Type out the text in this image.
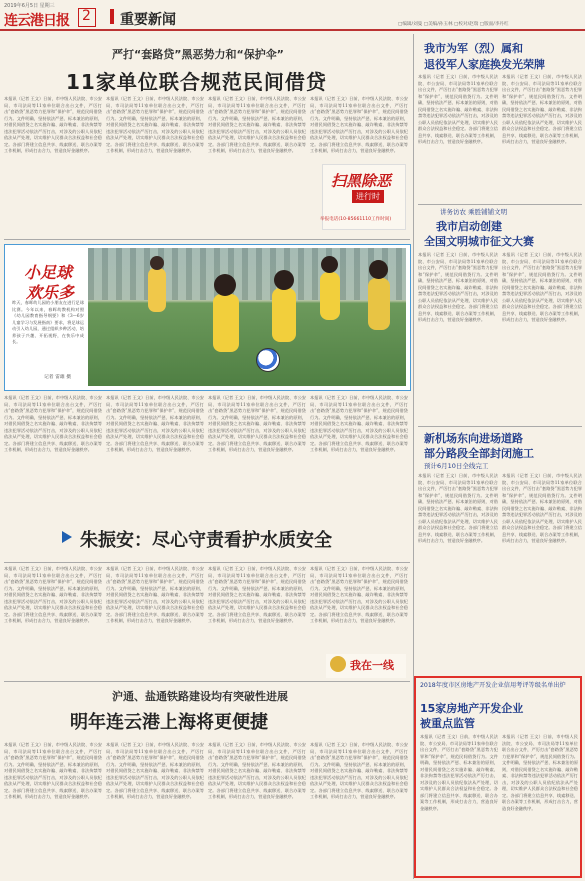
2019年6月5日 星期三
连云港日报 2 重要新闻	□编辑/刘曼 □美编/孙玉林 □校对/赵瑞 □版面/李丹红
严打“套路贷”黑恶势力和“保护伞”
11家单位联合规范民间借贷
本报讯（记者 王文）日前，市中级人民法院、市公安局、市司法局等11家单位联合出台文件，严厉打击“套路贷”黑恶势力犯罪和“保护伞”，规范民间借贷行为。文件明确，坚持依法严惩、标本兼治的原则，对借民间借贷之名实施诈骗、敲诈勒索、非法拘禁等违法犯罪活动依法严厉打击，对涉及的公职人员依纪依法从严处理，切实维护人民群众合法权益和社会稳定。各部门将建立信息共享、线索移送、联合办案等工作机制，形成打击合力，营造良好金融秩序。
本报讯（记者 王文）日前，市中级人民法院、市公安局、市司法局等11家单位联合出台文件，严厉打击“套路贷”黑恶势力犯罪和“保护伞”，规范民间借贷行为。文件明确，坚持依法严惩、标本兼治的原则，对借民间借贷之名实施诈骗、敲诈勒索、非法拘禁等违法犯罪活动依法严厉打击，对涉及的公职人员依纪依法从严处理，切实维护人民群众合法权益和社会稳定。各部门将建立信息共享、线索移送、联合办案等工作机制，形成打击合力，营造良好金融秩序。
本报讯（记者 王文）日前，市中级人民法院、市公安局、市司法局等11家单位联合出台文件，严厉打击“套路贷”黑恶势力犯罪和“保护伞”，规范民间借贷行为。文件明确，坚持依法严惩、标本兼治的原则，对借民间借贷之名实施诈骗、敲诈勒索、非法拘禁等违法犯罪活动依法严厉打击，对涉及的公职人员依纪依法从严处理，切实维护人民群众合法权益和社会稳定。各部门将建立信息共享、线索移送、联合办案等工作机制，形成打击合力，营造良好金融秩序。
本报讯（记者 王文）日前，市中级人民法院、市公安局、市司法局等11家单位联合出台文件，严厉打击“套路贷”黑恶势力犯罪和“保护伞”，规范民间借贷行为。文件明确，坚持依法严惩、标本兼治的原则，对借民间借贷之名实施诈骗、敲诈勒索、非法拘禁等违法犯罪活动依法严厉打击，对涉及的公职人员依纪依法从严处理，切实维护人民群众合法权益和社会稳定。各部门将建立信息共享、线索移送、联合办案等工作机制，形成打击合力，营造良好金融秩序。
扫黑除恶
进行时
举报电话(10-85661110工作时间)
小足球
欢乐多
昨天，春晖幼儿园的小朋友在进行足球比赛。今年以来，春晖幼教机构对照《幼儿园教育指导纲要》和《3—6岁儿童学习与发展指南》要求，将足球运动引入幼儿园，通过组织多种活动，培养孩子兴趣、开拓视野，在快乐中成长。
记者 雷雄 摄
本报讯（记者 王文）日前，市中级人民法院、市公安局、市司法局等11家单位联合出台文件，严厉打击“套路贷”黑恶势力犯罪和“保护伞”，规范民间借贷行为。文件明确，坚持依法严惩、标本兼治的原则，对借民间借贷之名实施诈骗、敲诈勒索、非法拘禁等违法犯罪活动依法严厉打击，对涉及的公职人员依纪依法从严处理，切实维护人民群众合法权益和社会稳定。各部门将建立信息共享、线索移送、联合办案等工作机制，形成打击合力，营造良好金融秩序。
本报讯（记者 王文）日前，市中级人民法院、市公安局、市司法局等11家单位联合出台文件，严厉打击“套路贷”黑恶势力犯罪和“保护伞”，规范民间借贷行为。文件明确，坚持依法严惩、标本兼治的原则，对借民间借贷之名实施诈骗、敲诈勒索、非法拘禁等违法犯罪活动依法严厉打击，对涉及的公职人员依纪依法从严处理，切实维护人民群众合法权益和社会稳定。各部门将建立信息共享、线索移送、联合办案等工作机制，形成打击合力，营造良好金融秩序。
本报讯（记者 王文）日前，市中级人民法院、市公安局、市司法局等11家单位联合出台文件，严厉打击“套路贷”黑恶势力犯罪和“保护伞”，规范民间借贷行为。文件明确，坚持依法严惩、标本兼治的原则，对借民间借贷之名实施诈骗、敲诈勒索、非法拘禁等违法犯罪活动依法严厉打击，对涉及的公职人员依纪依法从严处理，切实维护人民群众合法权益和社会稳定。各部门将建立信息共享、线索移送、联合办案等工作机制，形成打击合力，营造良好金融秩序。
本报讯（记者 王文）日前，市中级人民法院、市公安局、市司法局等11家单位联合出台文件，严厉打击“套路贷”黑恶势力犯罪和“保护伞”，规范民间借贷行为。文件明确，坚持依法严惩、标本兼治的原则，对借民间借贷之名实施诈骗、敲诈勒索、非法拘禁等违法犯罪活动依法严厉打击，对涉及的公职人员依纪依法从严处理，切实维护人民群众合法权益和社会稳定。各部门将建立信息共享、线索移送、联合办案等工作机制，形成打击合力，营造良好金融秩序。
朱振安：尽心守责看护水质安全
本报讯（记者 王文）日前，市中级人民法院、市公安局、市司法局等11家单位联合出台文件，严厉打击“套路贷”黑恶势力犯罪和“保护伞”，规范民间借贷行为。文件明确，坚持依法严惩、标本兼治的原则，对借民间借贷之名实施诈骗、敲诈勒索、非法拘禁等违法犯罪活动依法严厉打击，对涉及的公职人员依纪依法从严处理，切实维护人民群众合法权益和社会稳定。各部门将建立信息共享、线索移送、联合办案等工作机制，形成打击合力，营造良好金融秩序。
本报讯（记者 王文）日前，市中级人民法院、市公安局、市司法局等11家单位联合出台文件，严厉打击“套路贷”黑恶势力犯罪和“保护伞”，规范民间借贷行为。文件明确，坚持依法严惩、标本兼治的原则，对借民间借贷之名实施诈骗、敲诈勒索、非法拘禁等违法犯罪活动依法严厉打击，对涉及的公职人员依纪依法从严处理，切实维护人民群众合法权益和社会稳定。各部门将建立信息共享、线索移送、联合办案等工作机制，形成打击合力，营造良好金融秩序。
本报讯（记者 王文）日前，市中级人民法院、市公安局、市司法局等11家单位联合出台文件，严厉打击“套路贷”黑恶势力犯罪和“保护伞”，规范民间借贷行为。文件明确，坚持依法严惩、标本兼治的原则，对借民间借贷之名实施诈骗、敲诈勒索、非法拘禁等违法犯罪活动依法严厉打击，对涉及的公职人员依纪依法从严处理，切实维护人民群众合法权益和社会稳定。各部门将建立信息共享、线索移送、联合办案等工作机制，形成打击合力，营造良好金融秩序。
本报讯（记者 王文）日前，市中级人民法院、市公安局、市司法局等11家单位联合出台文件，严厉打击“套路贷”黑恶势力犯罪和“保护伞”，规范民间借贷行为。文件明确，坚持依法严惩、标本兼治的原则，对借民间借贷之名实施诈骗、敲诈勒索、非法拘禁等违法犯罪活动依法严厉打击，对涉及的公职人员依纪依法从严处理，切实维护人民群众合法权益和社会稳定。各部门将建立信息共享、线索移送、联合办案等工作机制，形成打击合力，营造良好金融秩序。
我在一线
沪通、盐通铁路建设均有突破性进展
明年连云港上海将更便捷
本报讯（记者 王文）日前，市中级人民法院、市公安局、市司法局等11家单位联合出台文件，严厉打击“套路贷”黑恶势力犯罪和“保护伞”，规范民间借贷行为。文件明确，坚持依法严惩、标本兼治的原则，对借民间借贷之名实施诈骗、敲诈勒索、非法拘禁等违法犯罪活动依法严厉打击，对涉及的公职人员依纪依法从严处理，切实维护人民群众合法权益和社会稳定。各部门将建立信息共享、线索移送、联合办案等工作机制，形成打击合力，营造良好金融秩序。
本报讯（记者 王文）日前，市中级人民法院、市公安局、市司法局等11家单位联合出台文件，严厉打击“套路贷”黑恶势力犯罪和“保护伞”，规范民间借贷行为。文件明确，坚持依法严惩、标本兼治的原则，对借民间借贷之名实施诈骗、敲诈勒索、非法拘禁等违法犯罪活动依法严厉打击，对涉及的公职人员依纪依法从严处理，切实维护人民群众合法权益和社会稳定。各部门将建立信息共享、线索移送、联合办案等工作机制，形成打击合力，营造良好金融秩序。
本报讯（记者 王文）日前，市中级人民法院、市公安局、市司法局等11家单位联合出台文件，严厉打击“套路贷”黑恶势力犯罪和“保护伞”，规范民间借贷行为。文件明确，坚持依法严惩、标本兼治的原则，对借民间借贷之名实施诈骗、敲诈勒索、非法拘禁等违法犯罪活动依法严厉打击，对涉及的公职人员依纪依法从严处理，切实维护人民群众合法权益和社会稳定。各部门将建立信息共享、线索移送、联合办案等工作机制，形成打击合力，营造良好金融秩序。
本报讯（记者 王文）日前，市中级人民法院、市公安局、市司法局等11家单位联合出台文件，严厉打击“套路贷”黑恶势力犯罪和“保护伞”，规范民间借贷行为。文件明确，坚持依法严惩、标本兼治的原则，对借民间借贷之名实施诈骗、敲诈勒索、非法拘禁等违法犯罪活动依法严厉打击，对涉及的公职人员依纪依法从严处理，切实维护人民群众合法权益和社会稳定。各部门将建立信息共享、线索移送、联合办案等工作机制，形成打击合力，营造良好金融秩序。
我市为军（烈）属和
退役军人家庭换发光荣牌
本报讯（记者 王文）日前，市中级人民法院、市公安局、市司法局等11家单位联合出台文件，严厉打击“套路贷”黑恶势力犯罪和“保护伞”，规范民间借贷行为。文件明确，坚持依法严惩、标本兼治的原则，对借民间借贷之名实施诈骗、敲诈勒索、非法拘禁等违法犯罪活动依法严厉打击，对涉及的公职人员依纪依法从严处理，切实维护人民群众合法权益和社会稳定。各部门将建立信息共享、线索移送、联合办案等工作机制，形成打击合力，营造良好金融秩序。
本报讯（记者 王文）日前，市中级人民法院、市公安局、市司法局等11家单位联合出台文件，严厉打击“套路贷”黑恶势力犯罪和“保护伞”，规范民间借贷行为。文件明确，坚持依法严惩、标本兼治的原则，对借民间借贷之名实施诈骗、敲诈勒索、非法拘禁等违法犯罪活动依法严厉打击，对涉及的公职人员依纪依法从严处理，切实维护人民群众合法权益和社会稳定。各部门将建立信息共享、线索移送、联合办案等工作机制，形成打击合力，营造良好金融秩序。
讲务访农 乘胜铺铺文明
我市启动创建
全国文明城市征文大赛
本报讯（记者 王文）日前，市中级人民法院、市公安局、市司法局等11家单位联合出台文件，严厉打击“套路贷”黑恶势力犯罪和“保护伞”，规范民间借贷行为。文件明确，坚持依法严惩、标本兼治的原则，对借民间借贷之名实施诈骗、敲诈勒索、非法拘禁等违法犯罪活动依法严厉打击，对涉及的公职人员依纪依法从严处理，切实维护人民群众合法权益和社会稳定。各部门将建立信息共享、线索移送、联合办案等工作机制，形成打击合力，营造良好金融秩序。
本报讯（记者 王文）日前，市中级人民法院、市公安局、市司法局等11家单位联合出台文件，严厉打击“套路贷”黑恶势力犯罪和“保护伞”，规范民间借贷行为。文件明确，坚持依法严惩、标本兼治的原则，对借民间借贷之名实施诈骗、敲诈勒索、非法拘禁等违法犯罪活动依法严厉打击，对涉及的公职人员依纪依法从严处理，切实维护人民群众合法权益和社会稳定。各部门将建立信息共享、线索移送、联合办案等工作机制，形成打击合力，营造良好金融秩序。
新机场东向进场道路
部分路段全部封闭施工
预计6月10日全线完工
本报讯（记者 王文）日前，市中级人民法院、市公安局、市司法局等11家单位联合出台文件，严厉打击“套路贷”黑恶势力犯罪和“保护伞”，规范民间借贷行为。文件明确，坚持依法严惩、标本兼治的原则，对借民间借贷之名实施诈骗、敲诈勒索、非法拘禁等违法犯罪活动依法严厉打击，对涉及的公职人员依纪依法从严处理，切实维护人民群众合法权益和社会稳定。各部门将建立信息共享、线索移送、联合办案等工作机制，形成打击合力，营造良好金融秩序。
本报讯（记者 王文）日前，市中级人民法院、市公安局、市司法局等11家单位联合出台文件，严厉打击“套路贷”黑恶势力犯罪和“保护伞”，规范民间借贷行为。文件明确，坚持依法严惩、标本兼治的原则，对借民间借贷之名实施诈骗、敲诈勒索、非法拘禁等违法犯罪活动依法严厉打击，对涉及的公职人员依纪依法从严处理，切实维护人民群众合法权益和社会稳定。各部门将建立信息共享、线索移送、联合办案等工作机制，形成打击合力，营造良好金融秩序。
2018年度市区房地产开发企业信用考评等级名单出炉
15家房地产开发企业
被重点监管
本报讯（记者 王文）日前，市中级人民法院、市公安局、市司法局等11家单位联合出台文件，严厉打击“套路贷”黑恶势力犯罪和“保护伞”，规范民间借贷行为。文件明确，坚持依法严惩、标本兼治的原则，对借民间借贷之名实施诈骗、敲诈勒索、非法拘禁等违法犯罪活动依法严厉打击，对涉及的公职人员依纪依法从严处理，切实维护人民群众合法权益和社会稳定。各部门将建立信息共享、线索移送、联合办案等工作机制，形成打击合力，营造良好金融秩序。
本报讯（记者 王文）日前，市中级人民法院、市公安局、市司法局等11家单位联合出台文件，严厉打击“套路贷”黑恶势力犯罪和“保护伞”，规范民间借贷行为。文件明确，坚持依法严惩、标本兼治的原则，对借民间借贷之名实施诈骗、敲诈勒索、非法拘禁等违法犯罪活动依法严厉打击，对涉及的公职人员依纪依法从严处理，切实维护人民群众合法权益和社会稳定。各部门将建立信息共享、线索移送、联合办案等工作机制，形成打击合力，营造良好金融秩序。
